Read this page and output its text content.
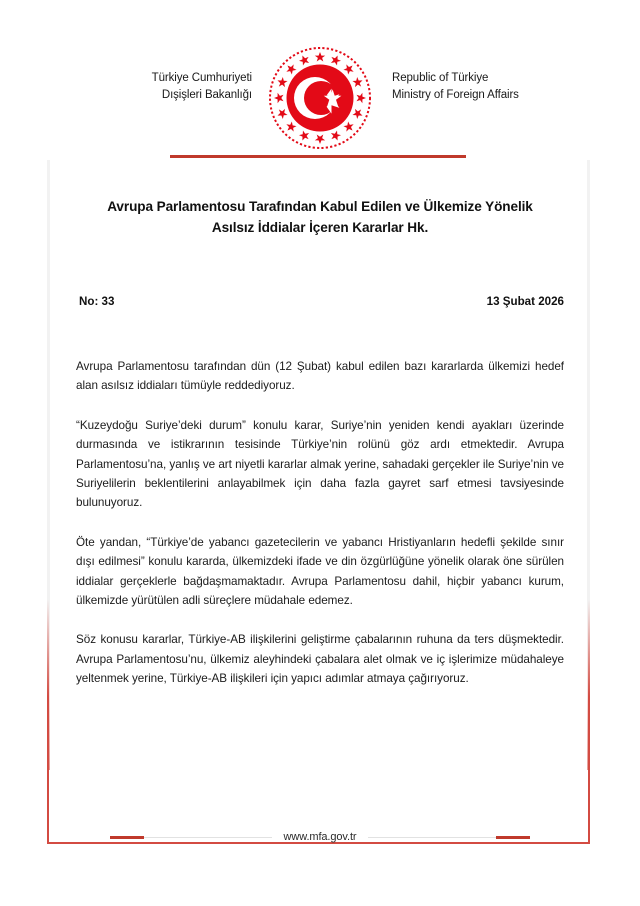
Türkiye Cumhuriyeti
Dışişleri Bakanlığı
Republic of Türkiye
Ministry of Foreign Affairs
Avrupa Parlamentosu Tarafından Kabul Edilen ve Ülkemize Yönelik
Asılsız İddialar İçeren Kararlar Hk.
No: 33	13 Şubat 2026

Avrupa Parlamentosu tarafından dün (12 Şubat) kabul edilen bazı kararlarda ülkemizi hedef alan asılsız iddiaları tümüyle reddediyoruz.

“Kuzeydoğu Suriye’deki durum” konulu karar, Suriye’nin yeniden kendi ayakları üzerinde durmasında ve istikrarının tesisinde Türkiye’nin rolünü göz ardı etmektedir. Avrupa Parlamentosu’na, yanlış ve art niyetli kararlar almak yerine, sahadaki gerçekler ile Suriye’nin ve Suriyelilerin beklentilerini anlayabilmek için daha fazla gayret sarf etmesi tavsiyesinde bulunuyoruz.

Öte yandan, “Türkiye’de yabancı gazetecilerin ve yabancı Hristiyanların hedefli şekilde sınır dışı edilmesi” konulu kararda, ülkemizdeki ifade ve din özgürlüğüne yönelik olarak öne sürülen iddialar gerçeklerle bağdaşmamaktadır. Avrupa Parlamentosu dahil, hiçbir yabancı kurum, ülkemizde yürütülen adli süreçlere müdahale edemez.

Söz konusu kararlar, Türkiye-AB ilişkilerini geliştirme çabalarının ruhuna da ters düşmektedir. Avrupa Parlamentosu’nu, ülkemiz aleyhindeki çabalara alet olmak ve iç işlerimize müdahaleye yeltenmek yerine, Türkiye-AB ilişkileri için yapıcı adımlar atmaya çağırıyoruz.

www.mfa.gov.tr
